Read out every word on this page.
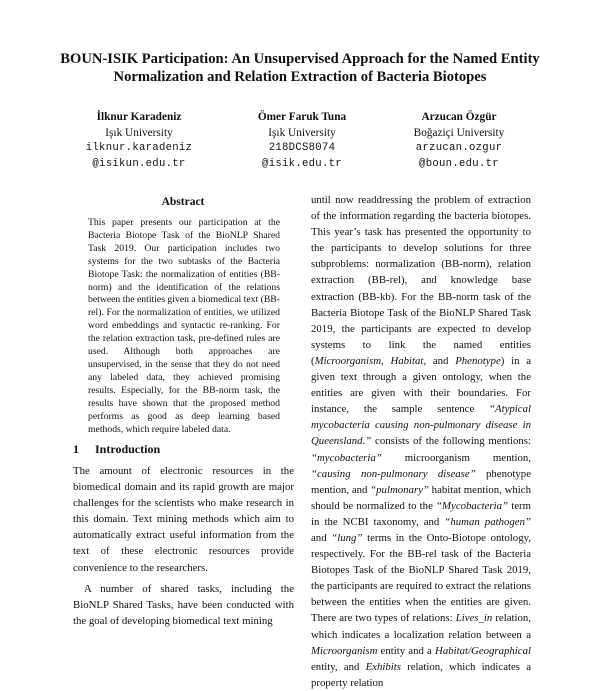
BOUN-ISIK Participation: An Unsupervised Approach for the Named Entity Normalization and Relation Extraction of Bacteria Biotopes
İlknur Karadeniz
Işık University
ilknur.karadeniz
@isikun.edu.tr
Ömer Faruk Tuna
Işık University
218DCS8074
@isik.edu.tr
Arzucan Özgür
Boğaziçi University
arzucan.ozgur
@boun.edu.tr
Abstract
This paper presents our participation at the Bacteria Biotope Task of the BioNLP Shared Task 2019. Our participation includes two systems for the two subtasks of the Bacteria Biotope Task: the normalization of entities (BB-norm) and the identification of the relations between the entities given a biomedical text (BB-rel). For the normalization of entities, we utilized word embeddings and syntactic re-ranking. For the relation extraction task, pre-defined rules are used. Although both approaches are unsupervised, in the sense that they do not need any labeled data, they achieved promising results. Especially, for the BB-norm task, the results have shown that the proposed method performs as good as deep learning based methods, which require labeled data.
1 Introduction

The amount of electronic resources in the biomedical domain and its rapid growth are major challenges for the scientists who make research in this domain. Text mining methods which aim to automatically extract useful information from the text of these electronic resources provide convenience to the researchers.

A number of shared tasks, including the BioNLP Shared Tasks, have been conducted with the goal of developing biomedical text mining

until now readdressing the problem of extraction of the information regarding the bacteria biotopes. This year’s task has presented the opportunity to the participants to develop solutions for three subproblems: normalization (BB-norm), relation extraction (BB-rel), and knowledge base extraction (BB-kb). For the BB-norm task of the Bacteria Biotope Task of the BioNLP Shared Task 2019, the participants are expected to develop systems to link the named entities (Microorganism, Habitat, and Phenotype) in a given text through a given ontology, when the entities are given with their boundaries. For instance, the sample sentence “Atypical mycobacteria causing non-pulmonary disease in Queensland.” consists of the following mentions: “mycobacteria” microorganism mention, “causing non-pulmonary disease” phenotype mention, and “pulmonary” habitat mention, which should be normalized to the “Mycobacteria” term in the NCBI taxonomy, and “human pathogen” and “lung” terms in the Onto-Biotope ontology, respectively. For the BB-rel task of the Bacteria Biotopes Task of the BioNLP Shared Task 2019, the participants are required to extract the relations between the entities when the entities are given. There are two types of relations: Lives_in relation, which indicates a localization relation between a Microorganism entity and a Habitat/Geographical entity, and Exhibits relation, which indicates a property relation
